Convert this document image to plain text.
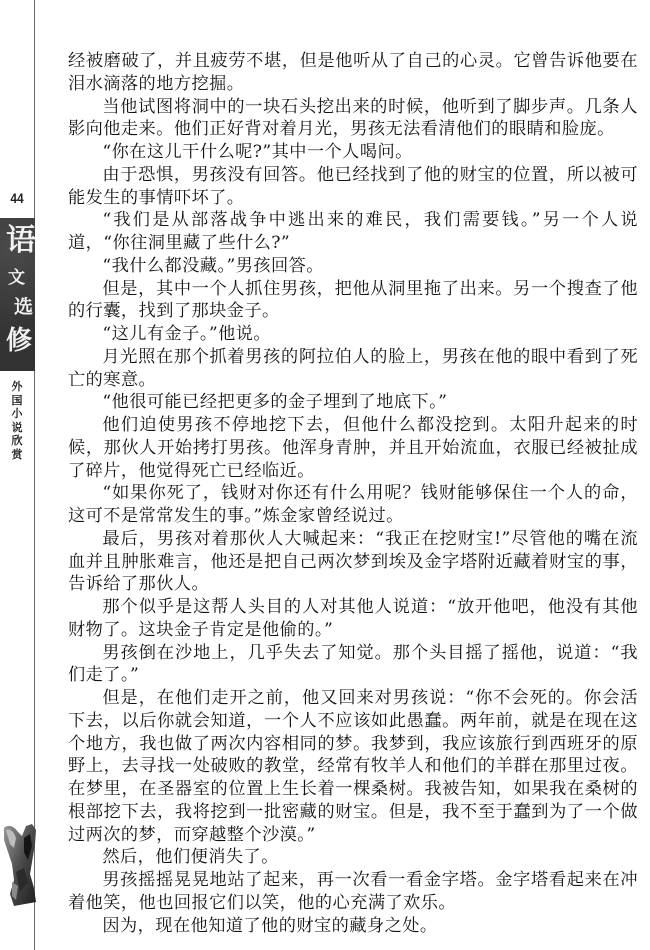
44
语
文
选
修
外国小说欣赏

经被磨破了，并且疲劳不堪，但是他听从了自己的心灵。它曾告诉他要在泪水滴落的地方挖掘。

当他试图将洞中的一块石头挖出来的时候，他听到了脚步声。几条人影向他走来。他们正好背对着月光，男孩无法看清他们的眼睛和脸庞。

“你在这儿干什么呢?”其中一个人喝问。

由于恐惧，男孩没有回答。他已经找到了他的财宝的位置，所以被可能发生的事情吓坏了。

“我们是从部落战争中逃出来的难民，我们需要钱。”另一个人说道，“你往洞里藏了些什么?”

“我什么都没藏。”男孩回答。

但是，其中一个人抓住男孩，把他从洞里拖了出来。另一个搜查了他的行囊，找到了那块金子。

“这儿有金子。”他说。

月光照在那个抓着男孩的阿拉伯人的脸上，男孩在他的眼中看到了死亡的寒意。

“他很可能已经把更多的金子埋到了地底下。”

他们迫使男孩不停地挖下去，但他什么都没挖到。太阳升起来的时候，那伙人开始拷打男孩。他浑身青肿，并且开始流血，衣服已经被扯成了碎片，他觉得死亡已经临近。

“如果你死了，钱财对你还有什么用呢？钱财能够保住一个人的命，这可不是常常发生的事。”炼金家曾经说过。

最后，男孩对着那伙人大喊起来：“我正在挖财宝!”尽管他的嘴在流血并且肿胀难言，他还是把自己两次梦到埃及金字塔附近藏着财宝的事，告诉给了那伙人。

那个似乎是这帮人头目的人对其他人说道：“放开他吧，他没有其他财物了。这块金子肯定是他偷的。”

男孩倒在沙地上，几乎失去了知觉。那个头目摇了摇他，说道：“我们走了。”

但是，在他们走开之前，他又回来对男孩说：“你不会死的。你会活下去，以后你就会知道，一个人不应该如此愚蠢。两年前，就是在现在这个地方，我也做了两次内容相同的梦。我梦到，我应该旅行到西班牙的原野上，去寻找一处破败的教堂，经常有牧羊人和他们的羊群在那里过夜。在梦里，在圣器室的位置上生长着一棵桑树。我被告知，如果我在桑树的根部挖下去，我将挖到一批密藏的财宝。但是，我不至于蠢到为了一个做过两次的梦，而穿越整个沙漠。”

然后，他们便消失了。

男孩摇摇晃晃地站了起来，再一次看一看金字塔。金字塔看起来在冲着他笑，他也回报它们以笑，他的心充满了欢乐。

因为，现在他知道了他的财宝的藏身之处。
